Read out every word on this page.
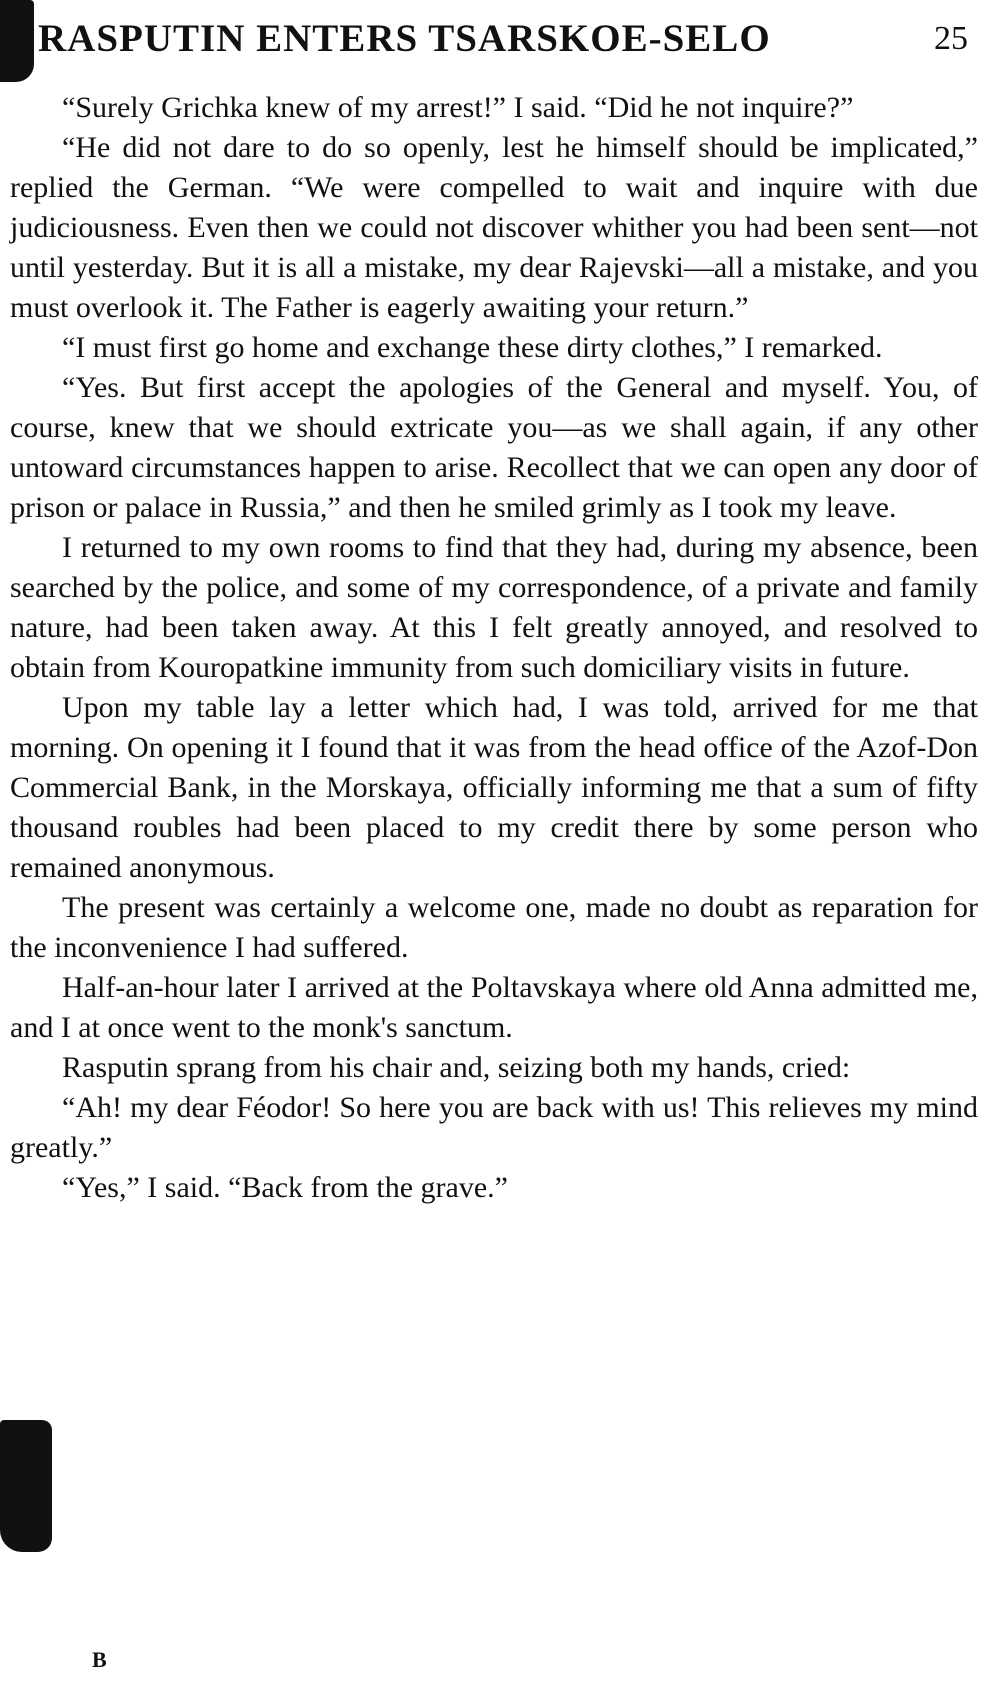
RASPUTIN ENTERS TSARSKOE-SELO	25

“Surely Grichka knew of my arrest!” I said. “Did he not inquire?”

“He did not dare to do so openly, lest he himself should be implicated,” replied the German. “We were compelled to wait and inquire with due judiciousness. Even then we could not discover whither you had been sent—not until yesterday. But it is all a mistake, my dear Rajevski—all a mistake, and you must overlook it. The Father is eagerly awaiting your return.”

“I must first go home and exchange these dirty clothes,” I remarked.

“Yes. But first accept the apologies of the General and myself. You, of course, knew that we should extricate you—as we shall again, if any other untoward circumstances happen to arise. Recollect that we can open any door of prison or palace in Russia,” and then he smiled grimly as I took my leave.

I returned to my own rooms to find that they had, during my absence, been searched by the police, and some of my correspondence, of a private and family nature, had been taken away. At this I felt greatly annoyed, and resolved to obtain from Kouropatkine immunity from such domiciliary visits in future.

Upon my table lay a letter which had, I was told, arrived for me that morning. On opening it I found that it was from the head office of the Azof-Don Commercial Bank, in the Morskaya, officially informing me that a sum of fifty thousand roubles had been placed to my credit there by some person who remained anonymous.

The present was certainly a welcome one, made no doubt as reparation for the inconvenience I had suffered.

Half-an-hour later I arrived at the Poltavskaya where old Anna admitted me, and I at once went to the monk's sanctum.

Rasputin sprang from his chair and, seizing both my hands, cried:

“Ah! my dear Féodor! So here you are back with us! This relieves my mind greatly.”

“Yes,” I said. “Back from the grave.”

B
